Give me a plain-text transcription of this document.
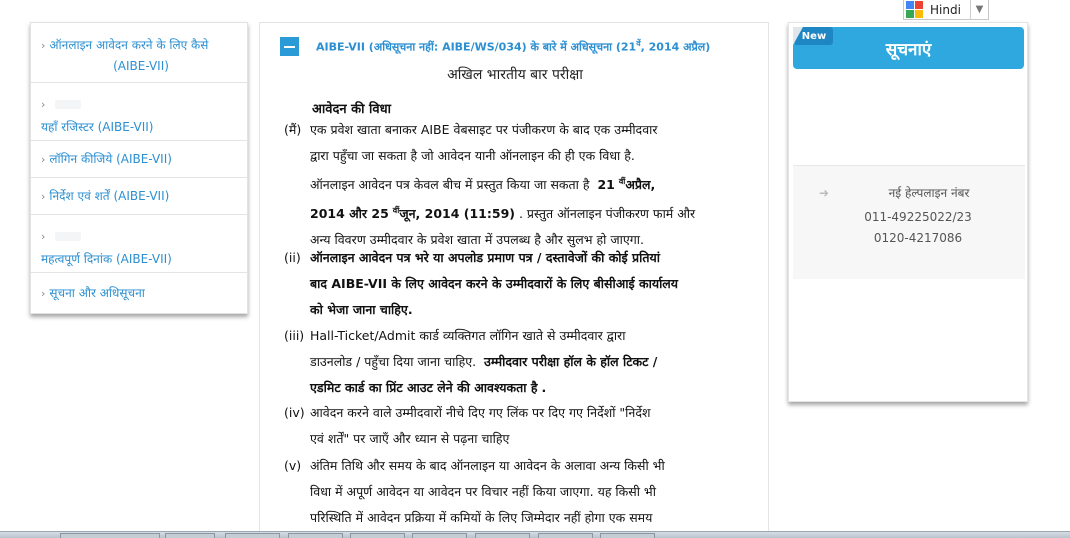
Hindi	▼
› ऑनलाइन आवेदन करने के लिए कैसे
(AIBE-VII)
›
यहाँ रजिस्टर (AIBE-VII)
› लॉगिन कीजिये (AIBE-VII)
› निर्देश एवं शर्तें (AIBE-VII)
›
महत्वपूर्ण दिनांक (AIBE-VII)
› सूचना और अधिसूचना
AIBE-VII (अधिसूचना नहीं: AIBE/WS/034) के बारे में अधिसूचना ($21^{वें}$, 2014 अप्रैल)
अखिल भारतीय बार परीक्षा
आवेदन की विधा
(मैं) एक प्रवेश खाता बनाकर AIBE वेबसाइट पर पंजीकरण के बाद एक उम्मीदवार
द्वारा पहुँचा जा सकता है जो आवेदन यानी ऑनलाइन की ही एक विधा है.
ऑनलाइन आवेदन पत्र केवल बीच में प्रस्तुत किया जा सकता है 21 $^{वीं}$अप्रैल,
2014 और 25 $^{वीं}$जून, 2014 (11:59) . प्रस्तुत ऑनलाइन पंजीकरण फार्म और
अन्य विवरण उम्मीदवार के प्रवेश खाता में उपलब्ध है और सुलभ हो जाएगा.
(ii) ऑनलाइन आवेदन पत्र भरे या अपलोड प्रमाण पत्र / दस्तावेजों की कोई प्रतियां
बाद AIBE-VII के लिए आवेदन करने के उम्मीदवारों के लिए बीसीआई कार्यालय
को भेजा जाना चाहिए.
(iii) Hall-Ticket/Admit कार्ड व्यक्तिगत लॉगिन खाते से उम्मीदवार द्वारा
डाउनलोड / पहुँचा दिया जाना चाहिए. उम्मीदवार परीक्षा हॉल के हॉल टिकट /
एडमिट कार्ड का प्रिंट आउट लेने की आवश्यकता है .
(iv) आवेदन करने वाले उम्मीदवारों नीचे दिए गए लिंक पर दिए गए निर्देशों "निर्देश
एवं शर्तें" पर जाएँ और ध्यान से पढ़ना चाहिए
(v) अंतिम तिथि और समय के बाद ऑनलाइन या आवेदन के अलावा अन्य किसी भी
विधा में अपूर्ण आवेदन या आवेदन पर विचार नहीं किया जाएगा. यह किसी भी
परिस्थिति में आवेदन प्रक्रिया में कमियों के लिए जिम्मेदार नहीं होगा एक समय
सूचनाएं
New
➜	नई हेल्पलाइन नंबर
011-49225022/23
0120-4217086
